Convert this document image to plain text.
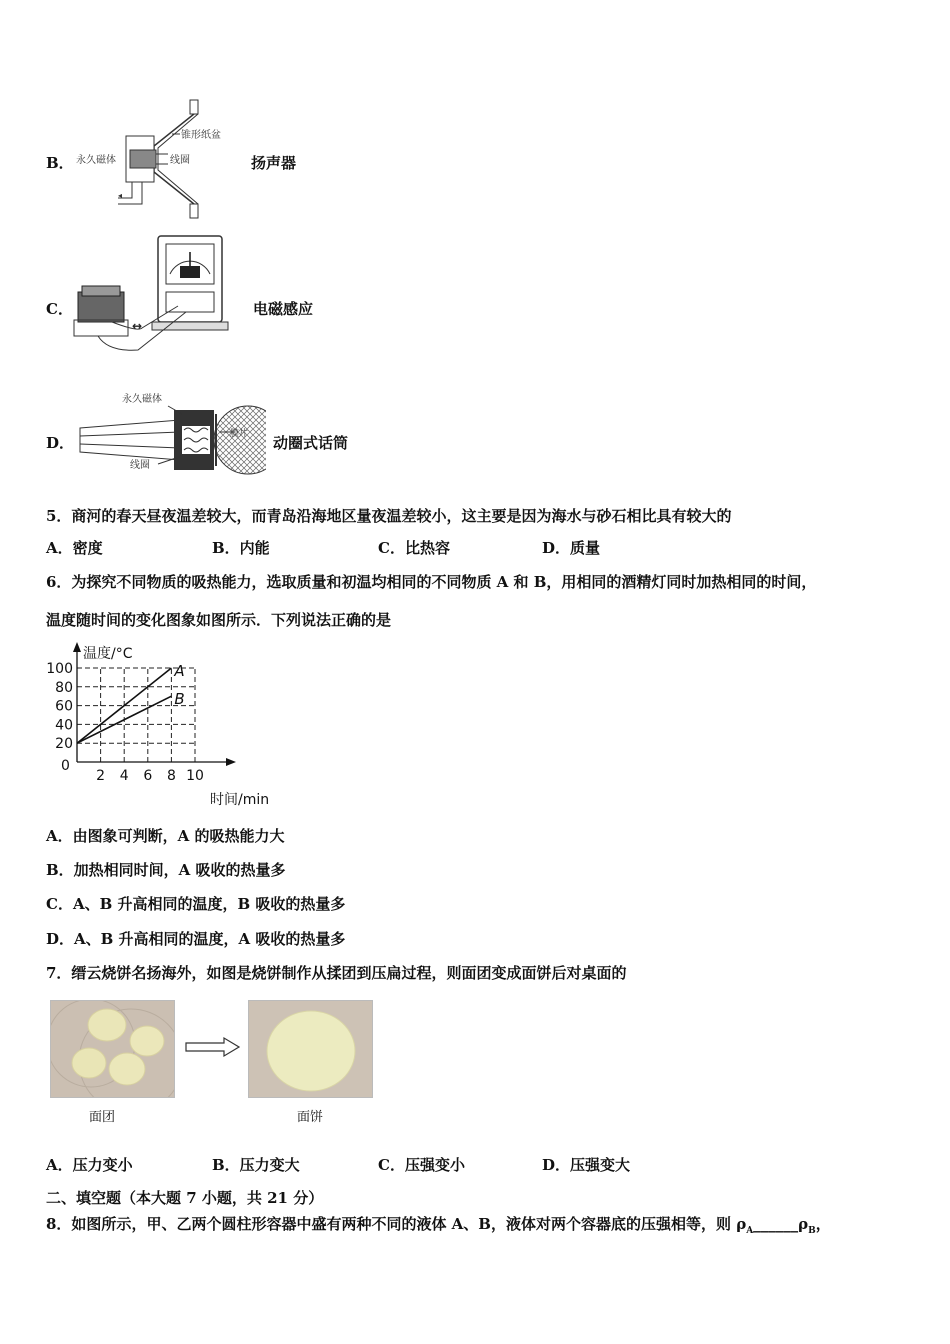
B．
◂
锥形纸盆
永久磁体	线圈	扬声器
C．
↔
电磁感应
D．
永久磁体
膜片
线圈
动圈式话筒
5．商河的春天昼夜温差较大，而青岛沿海地区量夜温差较小，这主要是因为海水与砂石相比具有较大的
A．密度	B．内能	C．比热容	D．质量
6．为探究不同物质的吸热能力，选取质量和初温均相同的不同物质 A 和 B，用相同的酒精灯同时加热相同的时间，
温度随时间的变化图象如图所示．下列说法正确的是
2 4 6 8 10
20
40
60
80
100	A
B
0
温度/°C
时间/min
A．由图象可判断，A 的吸热能力大
B．加热相同时间，A 吸收的热量多
C．A、B 升高相同的温度，B 吸收的热量多
D．A、B 升高相同的温度，A 吸收的热量多
7．缙云烧饼名扬海外，如图是烧饼制作从揉团到压扁过程，则面团变成面饼后对桌面的
面团	面饼
A．压力变小	B．压力变大	C．压强变小	D．压强变大
二、填空题（本大题 7 小题，共 21 分）
8．如图所示，甲、乙两个圆柱形容器中盛有两种不同的液体 A、B，液体对两个容器底的压强相等，则 $\rho_A\_\_\_\_\_\_\rho_B$，
